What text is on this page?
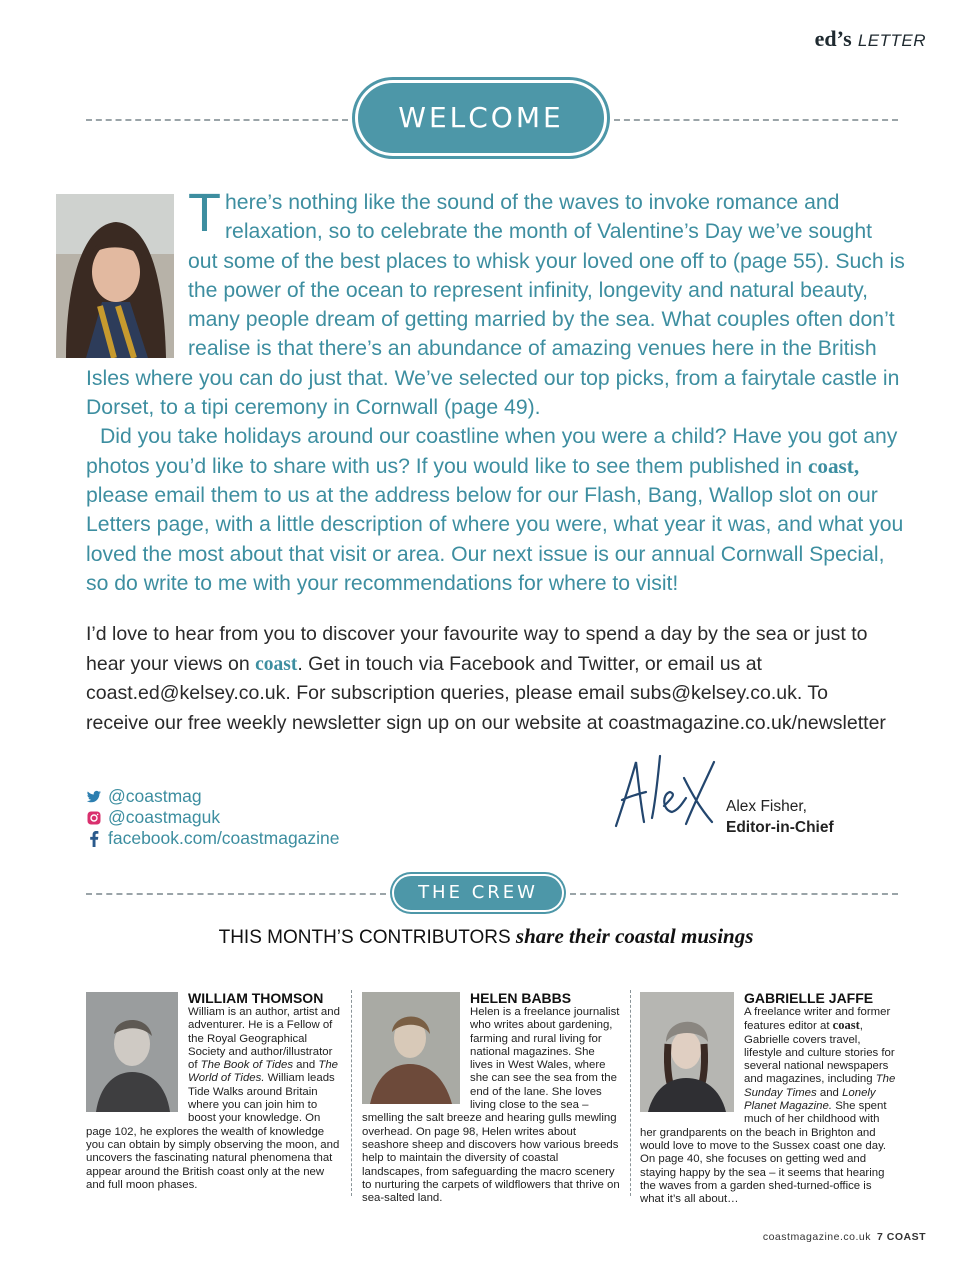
ed’s LETTER
WELCOME

There’s nothing like the sound of the waves to invoke romance and relaxation, so to celebrate the month of Valentine’s Day we’ve sought out some of the best places to whisk your loved one off to (page 55). Such is the power of the ocean to represent infinity, longevity and natural beauty, many people dream of getting married by the sea. What couples often don’t realise is that there’s an abundance of amazing venues here in the British Isles where you can do just that. We’ve selected our top picks, from a fairytale castle in Dorset, to a tipi ceremony in Cornwall (page 49).

Did you take holidays around our coastline when you were a child? Have you got any photos you’d like to share with us? If you would like to see them published in coast, please email them to us at the address below for our Flash, Bang, Wallop slot on our Letters page, with a little description of where you were, what year it was, and what you loved the most about that visit or area. Our next issue is our annual Cornwall Special, so do write to me with your recommendations for where to visit!

I’d love to hear from you to discover your favourite way to spend a day by the sea or just to hear your views on coast. Get in touch via Facebook and Twitter, or email us at coast.ed@kelsey.co.uk. For subscription queries, please email subs@kelsey.co.uk. To receive our free weekly newsletter sign up on our website at coastmagazine.co.uk/newsletter

@coastmag
@coastmaguk
facebook.com/coastmagazine
Alex Fisher,
Editor-in-Chief
THE CREW
THIS MONTH’S CONTRIBUTORS share their coastal musings

WILLIAM THOMSON

William is an author, artist and adventurer. He is a Fellow of the Royal Geographical Society and author/illustrator of The Book of Tides and The World of Tides. William leads Tide Walks around Britain where you can join him to boost your knowledge. On page 102, he explores the wealth of knowledge you can obtain by simply observing the moon, and uncovers the fascinating natural phenomena that appear around the British coast only at the new and full moon phases.

HELEN BABBS

Helen is a freelance journalist who writes about gardening, farming and rural living for national magazines. She lives in West Wales, where she can see the sea from the end of the lane. She loves living close to the sea – smelling the salt breeze and hearing gulls mewling overhead. On page 98, Helen writes about seashore sheep and discovers how various breeds help to maintain the diversity of coastal landscapes, from safeguarding the macro scenery to nurturing the carpets of wildflowers that thrive on sea-salted land.

GABRIELLE JAFFE

A freelance writer and former features editor at coast, Gabrielle covers travel, lifestyle and culture stories for several national newspapers and magazines, including The Sunday Times and Lonely Planet Magazine. She spent much of her childhood with her grandparents on the beach in Brighton and would love to move to the Sussex coast one day. On page 40, she focuses on getting wed and staying happy by the sea – it seems that hearing the waves from a garden shed-turned-office is what it’s all about…

coastmagazine.co.uk 7 COAST
